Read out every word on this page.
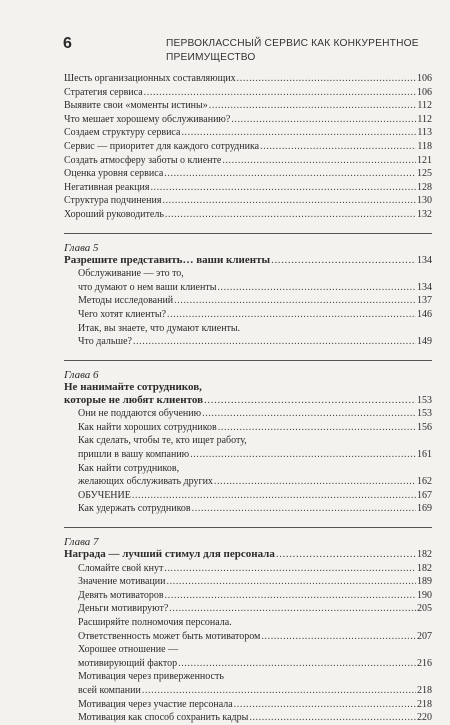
6	ПЕРВОКЛАССНЫЙ СЕРВИС КАК КОНКУРЕНТНОЕ ПРЕИМУЩЕСТВО
Шесть организационных составляющих .....	106
Стратегия сервиса .....	106
Выявите свои «моменты истины» .....	112
Что мешает хорошему обслуживанию? .....	112
Создаем структуру сервиса .....	113
Сервис — приоритет для каждого сотрудника .....	118
Создать атмосферу заботы о клиенте .....	121
Оценка уровня сервиса .....	125
Негативная реакция .....	128
Структура подчинения .....	130
Хороший руководитель .....	132
Глава 5
Разрешите представить… ваши клиенты .....	134
Обслуживание — это то,
что думают о нем ваши клиенты .....	134
Методы исследований .....	137
Чего хотят клиенты? .....	146
Итак, вы знаете, что думают клиенты.
Что дальше? .....	149
Глава 6
Не нанимайте сотрудников,
которые не любят клиентов .....	153
Они не поддаются обучению .....	153
Как найти хороших сотрудников .....	156
Как сделать, чтобы те, кто ищет работу,
пришли в вашу компанию .....	161
Как найти сотрудников,
желающих обслуживать других .....	162
ОБУЧЕНИЕ .....	167
Как удержать сотрудников .....	169
Глава 7
Награда — лучший стимул для персонала .....	182
Сломайте свой кнут .....	182
Значение мотивации .....	189
Девять мотиваторов .....	190
Деньги мотивируют? .....	205
Расширяйте полномочия персонала.
Ответственность может быть мотиватором .....	207
Хорошее отношение —
мотивирующий фактор .....	216
Мотивация через приверженность
всей компании .....	218
Мотивация через участие персонала .....	218
Мотивация как способ сохранить кадры .....	220
